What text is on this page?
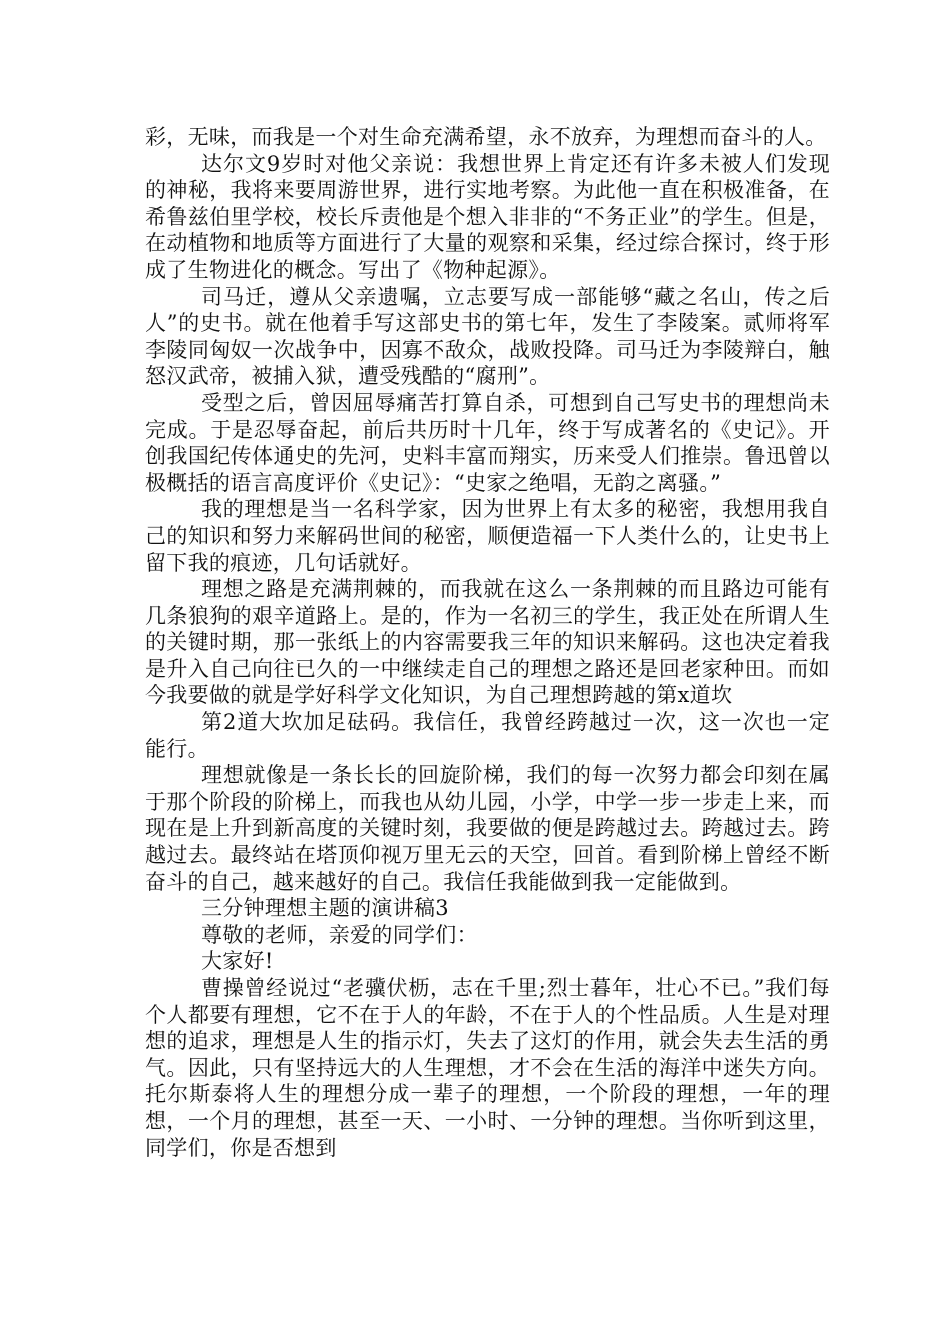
彩，无味，而我是一个对生命充满希望，永不放弃，为理想而奋斗的人。

达尔文9岁时对他父亲说：我想世界上肯定还有许多未被人们发现的神秘，我将来要周游世界，进行实地考察。为此他一直在积极准备，在希鲁兹伯里学校，校长斥责他是个想入非非的“不务正业”的学生。但是，在动植物和地质等方面进行了大量的观察和采集，经过综合探讨，终于形成了生物进化的概念。写出了《物种起源》。

司马迁，遵从父亲遗嘱，立志要写成一部能够“藏之名山，传之后人”的史书。就在他着手写这部史书的第七年，发生了李陵案。贰师将军李陵同匈奴一次战争中，因寡不敌众，战败投降。司马迁为李陵辩白，触怒汉武帝，被捕入狱，遭受残酷的“腐刑”。

受型之后，曾因屈辱痛苦打算自杀，可想到自己写史书的理想尚未完成。于是忍辱奋起，前后共历时十几年，终于写成著名的《史记》。开创我国纪传体通史的先河，史料丰富而翔实，历来受人们推崇。鲁迅曾以极概括的语言高度评价《史记》：“史家之绝唱，无韵之离骚。”

我的理想是当一名科学家，因为世界上有太多的秘密，我想用我自己的知识和努力来解码世间的秘密，顺便造福一下人类什么的，让史书上留下我的痕迹，几句话就好。

理想之路是充满荆棘的，而我就在这么一条荆棘的而且路边可能有几条狼狗的艰辛道路上。是的，作为一名初三的学生，我正处在所谓人生的关键时期，那一张纸上的内容需要我三年的知识来解码。这也决定着我是升入自己向往已久的一中继续走自己的理想之路还是回老家种田。而如今我要做的就是学好科学文化知识，为自己理想跨越的第x道坎

第2道大坎加足砝码。我信任，我曾经跨越过一次，这一次也一定能行。

理想就像是一条长长的回旋阶梯，我们的每一次努力都会印刻在属于那个阶段的阶梯上，而我也从幼儿园，小学，中学一步一步走上来，而现在是上升到新高度的关键时刻，我要做的便是跨越过去。跨越过去。跨越过去。最终站在塔顶仰视万里无云的天空，回首。看到阶梯上曾经不断奋斗的自己，越来越好的自己。我信任我能做到我一定能做到。

三分钟理想主题的演讲稿3

尊敬的老师，亲爱的同学们：

大家好!

曹操曾经说过“老骥伏枥，志在千里;烈士暮年，壮心不已。”我们每个人都要有理想，它不在于人的年龄，不在于人的个性品质。人生是对理想的追求，理想是人生的指示灯，失去了这灯的作用，就会失去生活的勇气。因此，只有坚持远大的人生理想，才不会在生活的海洋中迷失方向。托尔斯泰将人生的理想分成一辈子的理想，一个阶段的理想，一年的理想，一个月的理想，甚至一天、一小时、一分钟的理想。当你听到这里，同学们，你是否想到
